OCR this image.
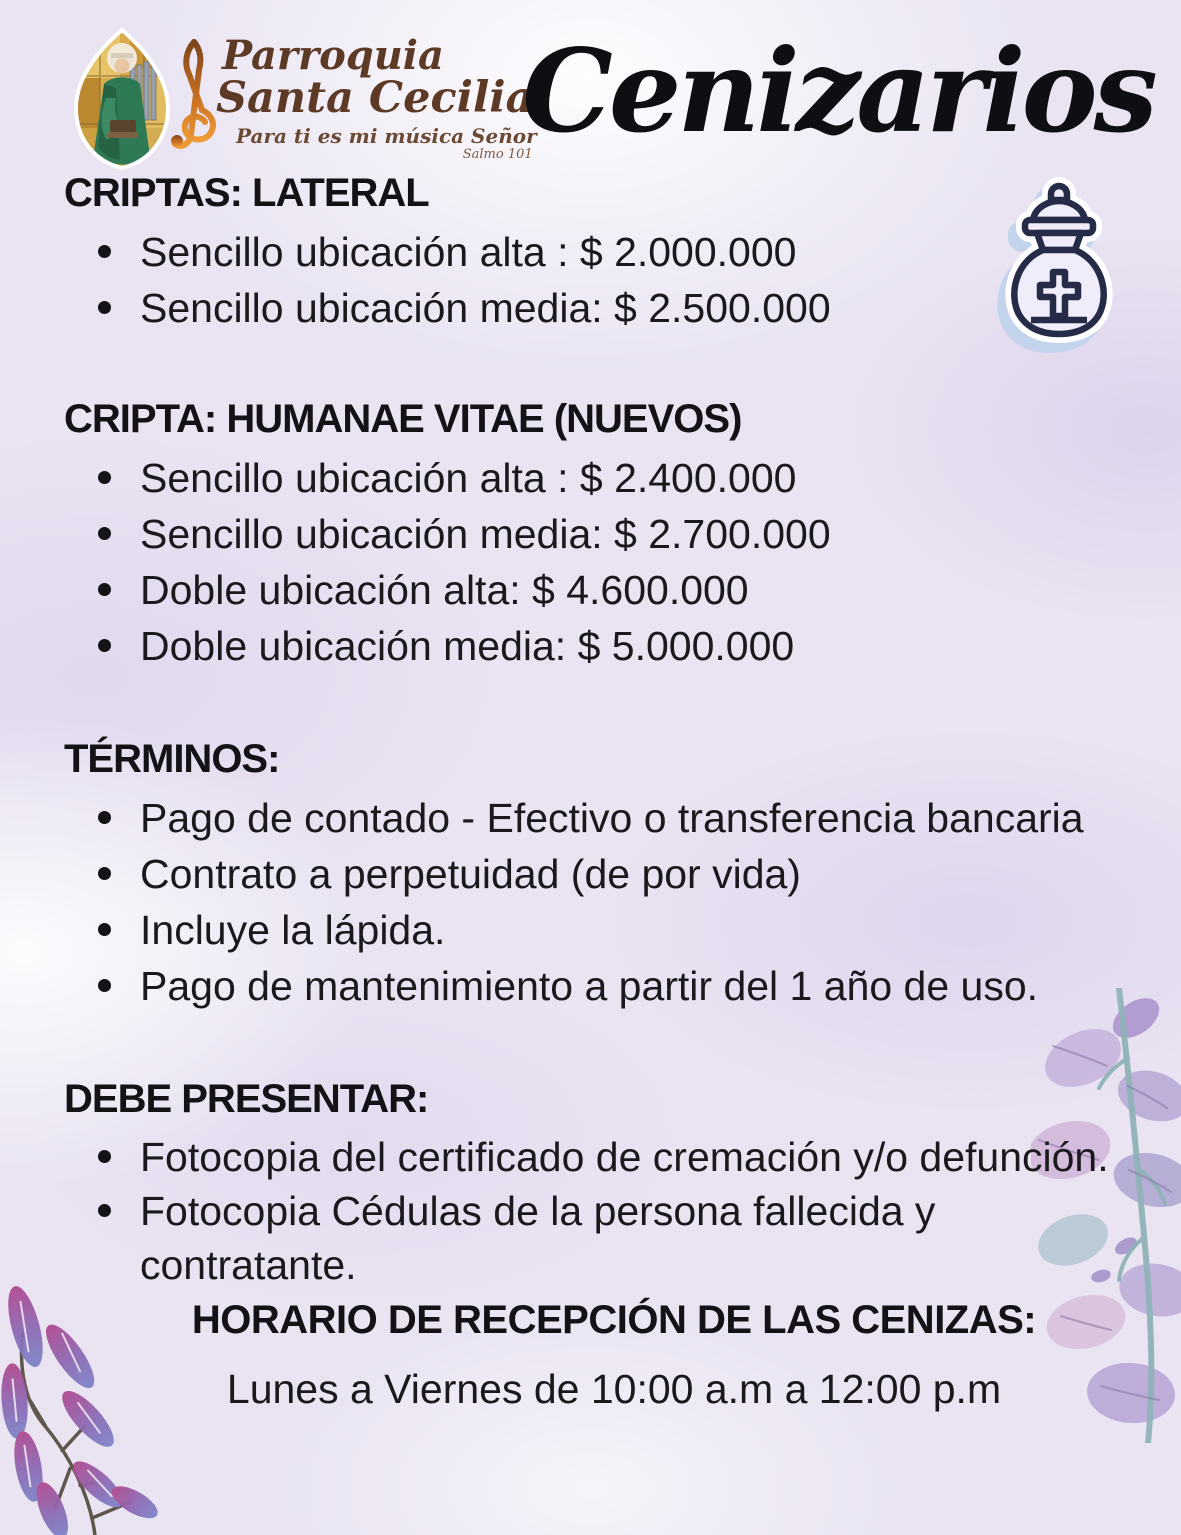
Parroquia
Santa Cecilia
Para ti es mi música Señor
Salmo 101
Cenizarios
CRIPTAS: LATERAL
Sencillo ubicación alta : $ 2.000.000
Sencillo ubicación media: $ 2.500.000
CRIPTA: HUMANAE VITAE (NUEVOS)
Sencillo ubicación alta : $ 2.400.000
Sencillo ubicación media: $ 2.700.000
Doble ubicación alta: $ 4.600.000
Doble ubicación media: $ 5.000.000
TÉRMINOS:
Pago de contado - Efectivo o transferencia bancaria
Contrato a perpetuidad (de por vida)
Incluye la lápida.
Pago de mantenimiento a partir del 1 año de uso.
DEBE PRESENTAR:
Fotocopia del certificado de cremación y/o defunción.
Fotocopia Cédulas de la persona fallecida y contratante.
HORARIO DE RECEPCIÓN DE LAS CENIZAS:
Lunes a Viernes de 10:00 a.m a 12:00 p.m
